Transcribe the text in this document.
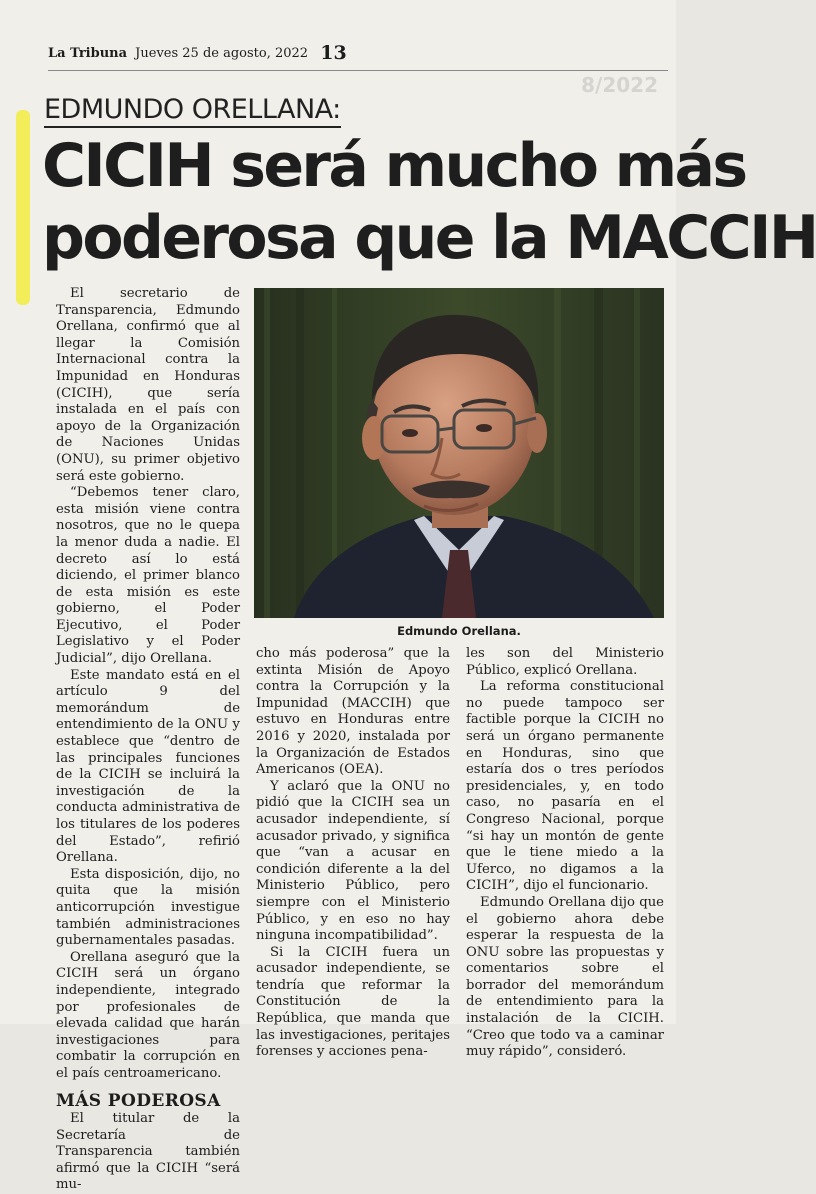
8/2022
La Tribuna Jueves 25 de agosto, 2022 13
EDMUNDO ORELLANA:
CICIH será mucho más
poderosa que la MACCIH

El secretario de Transparencia, Edmundo Orellana, confirmó que al llegar la Comisión Internacional contra la Impunidad en Honduras (CICIH), que sería instalada en el país con apoyo de la Organización de Naciones Unidas (ONU), su primer objetivo será este gobierno.

“Debemos tener claro, esta misión viene contra nosotros, que no le quepa la menor duda a nadie. El decreto así lo está diciendo, el primer blanco de esta misión es este gobierno, el Poder Ejecutivo, el Poder Legislativo y el Poder Judicial”, dijo Orellana.

Este mandato está en el artículo 9 del memorándum de entendimiento de la ONU y establece que “dentro de las principales funciones de la CICIH se incluirá la investigación de la conducta administrativa de los titulares de los poderes del Estado”, refirió Orellana.

Esta disposición, dijo, no quita que la misión anticorrupción investigue también administraciones gubernamentales pasadas.

Orellana aseguró que la CICIH será un órgano independiente, integrado por profesionales de elevada calidad que harán investigaciones para combatir la corrupción en el país centroamericano.

MÁS PODEROSA

El titular de la Secretaría de Transparencia también afirmó que la CICIH “será mu-

Edmundo Orellana.

cho más poderosa” que la extinta Misión de Apoyo contra la Corrupción y la Impunidad (MACCIH) que estuvo en Honduras entre 2016 y 2020, instalada por la Organización de Estados Americanos (OEA).

Y aclaró que la ONU no pidió que la CICIH sea un acusador independiente, sí acusador privado, y significa que “van a acusar en condición diferente a la del Ministerio Público, pero siempre con el Ministerio Público, y en eso no hay ninguna incompatibilidad”.

Si la CICIH fuera un acusador independiente, se tendría que reformar la Constitución de la República, que manda que las investigaciones, peritajes forenses y acciones pena-

les son del Ministerio Público, explicó Orellana.

La reforma constitucional no puede tampoco ser factible porque la CICIH no será un órgano permanente en Honduras, sino que estaría dos o tres períodos presidenciales, y, en todo caso, no pasaría en el Congreso Nacional, porque “si hay un montón de gente que le tiene miedo a la Uferco, no digamos a la CICIH”, dijo el funcionario.

Edmundo Orellana dijo que el gobierno ahora debe esperar la respuesta de la ONU sobre las propuestas y comentarios sobre el borrador del memorándum de entendimiento para la instalación de la CICIH. “Creo que todo va a caminar muy rápido”, consideró.
